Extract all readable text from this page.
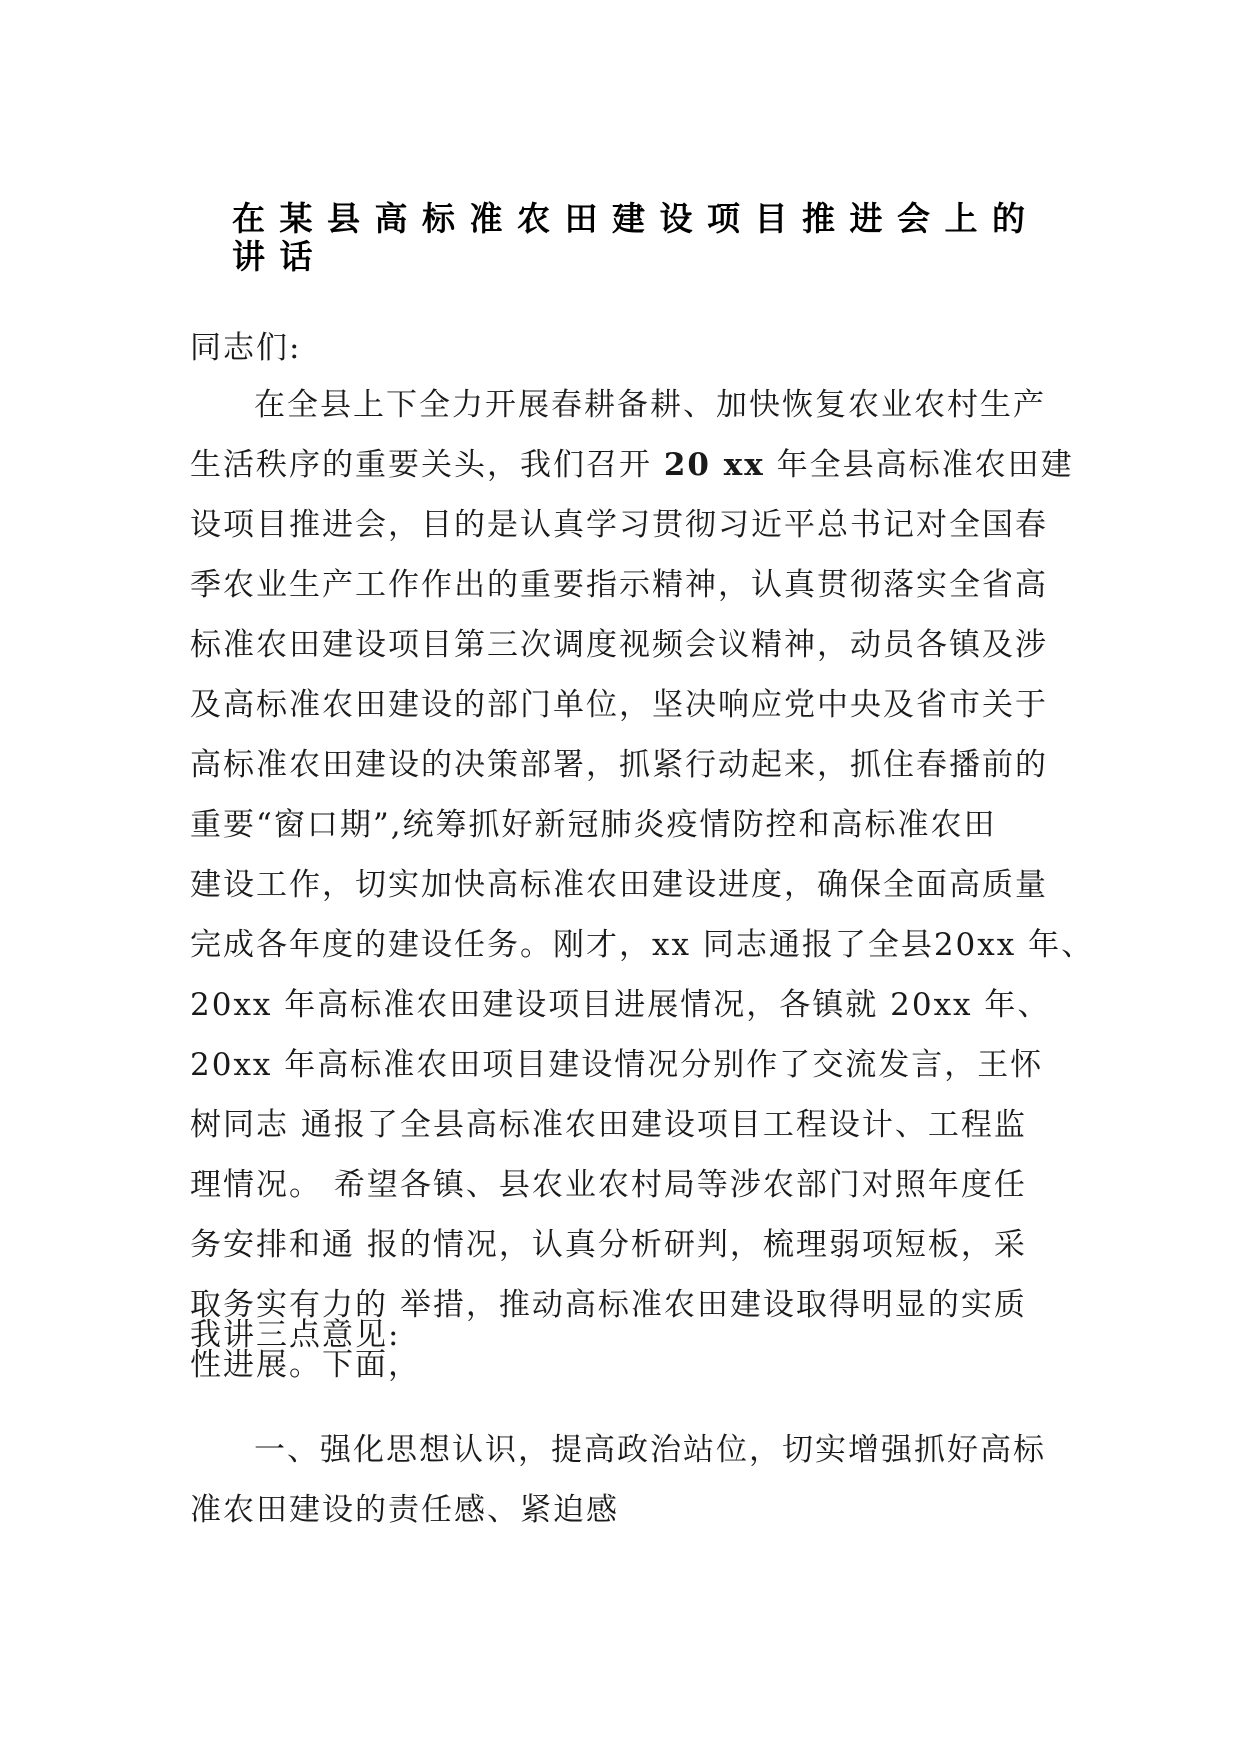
在某县高标准农田建设项目推进会上的
讲话
同志们:
在全县上下全力开展春耕备耕、加快恢复农业农村生产
生活秩序的重要关头，我们召开 20 xx 年全县高标准农田建
设项目推进会，目的是认真学习贯彻习近平总书记对全国春
季农业生产工作作出的重要指示精神，认真贯彻落实全省高
标准农田建设项目第三次调度视频会议精神，动员各镇及涉
及高标准农田建设的部门单位，坚决响应党中央及省市关于
高标准农田建设的决策部署，抓紧行动起来，抓住春播前的
重要“窗口期”,统筹抓好新冠肺炎疫情防控和高标准农田
建设工作，切实加快高标准农田建设进度，确保全面高质量
完成各年度的建设任务。刚才，xx 同志通报了全县20xx 年、
20xx 年高标准农田建设项目进展情况，各镇就 20xx 年、
20xx 年高标准农田项目建设情况分别作了交流发言，王怀
树同志 通报了全县高标准农田建设项目工程设计、工程监
理情况。 希望各镇、县农业农村局等涉农部门对照年度任
务安排和通 报的情况，认真分析研判，梳理弱项短板，采
取务实有力的 举措，推动高标准农田建设取得明显的实质
性进展。下面，
我讲三点意见:
一、强化思想认识，提高政治站位，切实增强抓好高标
准农田建设的责任感、紧迫感
